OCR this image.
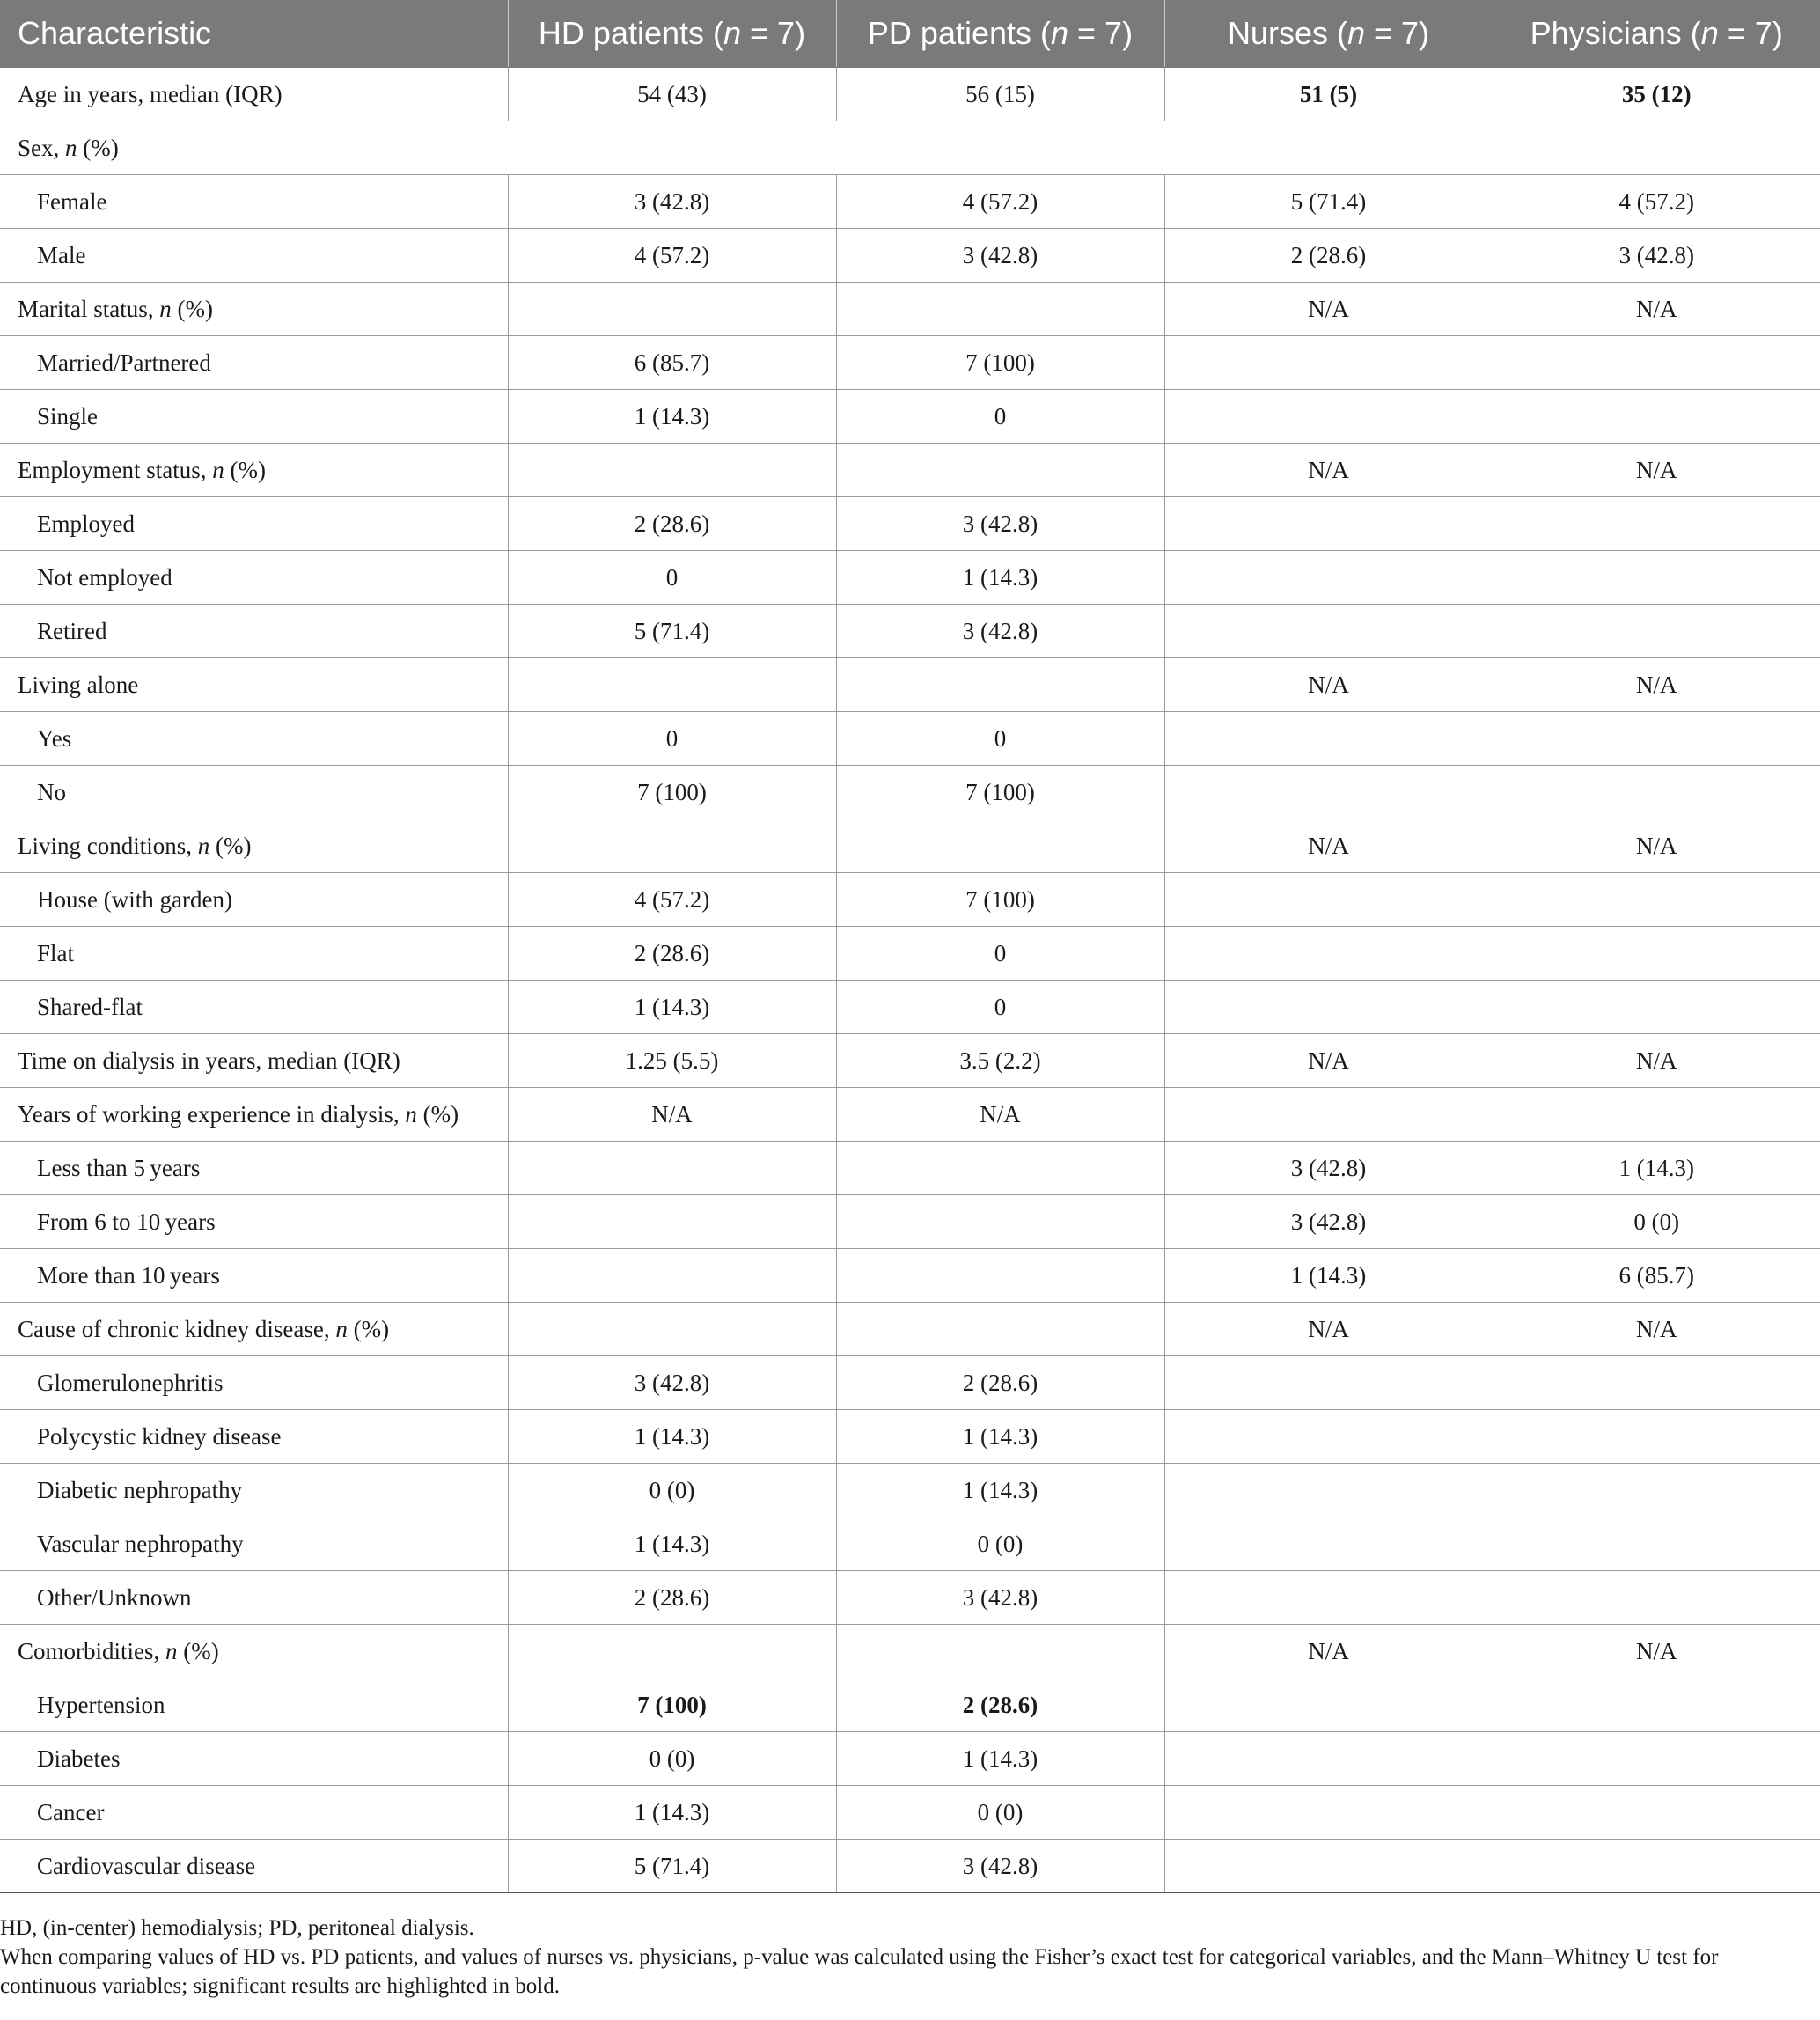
Characteristic	HD patients (n = 7)	PD patients (n = 7)	Nurses (n = 7)	Physicians (n = 7)
Age in years, median (IQR)	54 (43)	56 (15)	51 (5)	35 (12)
Sex, n (%)				
Female	3 (42.8)	4 (57.2)	5 (71.4)	4 (57.2)
Male	4 (57.2)	3 (42.8)	2 (28.6)	3 (42.8)
Marital status, n (%)			N/A	N/A
Married/Partnered	6 (85.7)	7 (100)		
Single	1 (14.3)	0		
Employment status, n (%)			N/A	N/A
Employed	2 (28.6)	3 (42.8)		
Not employed	0	1 (14.3)		
Retired	5 (71.4)	3 (42.8)		
Living alone			N/A	N/A
Yes	0	0		
No	7 (100)	7 (100)		
Living conditions, n (%)			N/A	N/A
House (with garden)	4 (57.2)	7 (100)		
Flat	2 (28.6)	0		
Shared-flat	1 (14.3)	0		
Time on dialysis in years, median (IQR)	1.25 (5.5)	3.5 (2.2)	N/A	N/A
Years of working experience in dialysis, n (%)	N/A	N/A		
Less than 5 years			3 (42.8)	1 (14.3)
From 6 to 10 years			3 (42.8)	0 (0)
More than 10 years			1 (14.3)	6 (85.7)
Cause of chronic kidney disease, n (%)			N/A	N/A
Glomerulonephritis	3 (42.8)	2 (28.6)		
Polycystic kidney disease	1 (14.3)	1 (14.3)		
Diabetic nephropathy	0 (0)	1 (14.3)		
Vascular nephropathy	1 (14.3)	0 (0)		
Other/Unknown	2 (28.6)	3 (42.8)		
Comorbidities, n (%)			N/A	N/A
Hypertension	7 (100)	2 (28.6)		
Diabetes	0 (0)	1 (14.3)		
Cancer	1 (14.3)	0 (0)		
Cardiovascular disease	5 (71.4)	3 (42.8)		

HD, (in-center) hemodialysis; PD, peritoneal dialysis.

When comparing values of HD vs. PD patients, and values of nurses vs. physicians, p-value was calculated using the Fisher’s exact test for categorical variables, and the Mann–Whitney U test for continuous variables; significant results are highlighted in bold.
